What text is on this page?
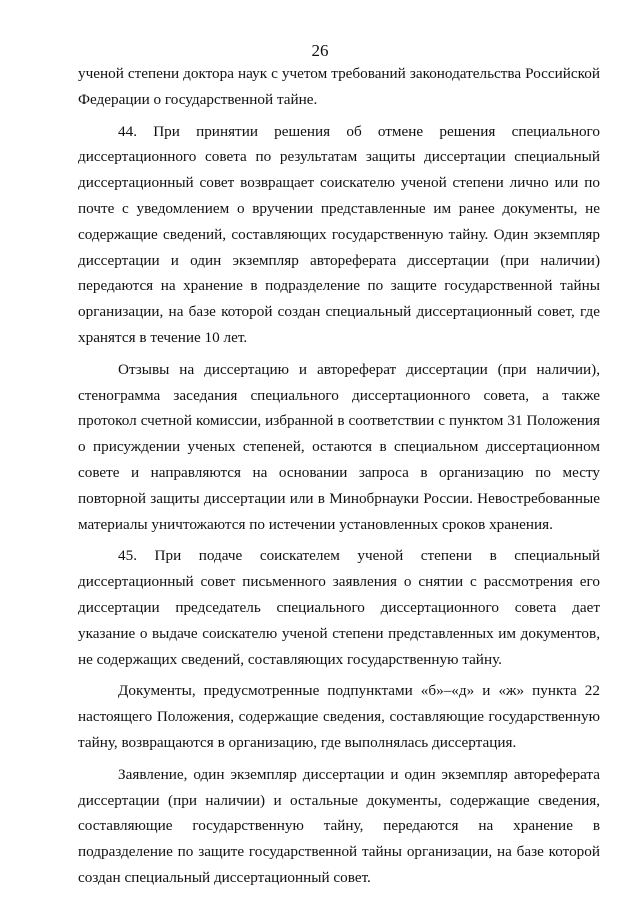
26

ученой степени доктора наук с учетом требований законодательства Российской Федерации о государственной тайне.

44. При принятии решения об отмене решения специального диссертационного совета по результатам защиты диссертации специальный диссертационный совет возвращает соискателю ученой степени лично или по почте с уведомлением о вручении представленные им ранее документы, не содержащие сведений, составляющих государственную тайну. Один экземпляр диссертации и один экземпляр автореферата диссертации (при наличии) передаются на хранение в подразделение по защите государственной тайны организации, на базе которой создан специальный диссертационный совет, где хранятся в течение 10 лет.

Отзывы на диссертацию и автореферат диссертации (при наличии), стенограмма заседания специального диссертационного совета, а также протокол счетной комиссии, избранной в соответствии с пунктом 31 Положения о присуждении ученых степеней, остаются в специальном диссертационном совете и направляются на основании запроса в организацию по месту повторной защиты диссертации или в Минобрнауки России. Невостребованные материалы уничтожаются по истечении установленных сроков хранения.

45. При подаче соискателем ученой степени в специальный диссертационный совет письменного заявления о снятии с рассмотрения его диссертации председатель специального диссертационного совета дает указание о выдаче соискателю ученой степени представленных им документов, не содержащих сведений, составляющих государственную тайну.

Документы, предусмотренные подпунктами «б»–«д» и «ж» пункта 22 настоящего Положения, содержащие сведения, составляющие государственную тайну, возвращаются в организацию, где выполнялась диссертация.

Заявление, один экземпляр диссертации и один экземпляр автореферата диссертации (при наличии) и остальные документы, содержащие сведения, составляющие государственную тайну, передаются на хранение в подразделение по защите государственной тайны организации, на базе которой создан специальный диссертационный совет.
